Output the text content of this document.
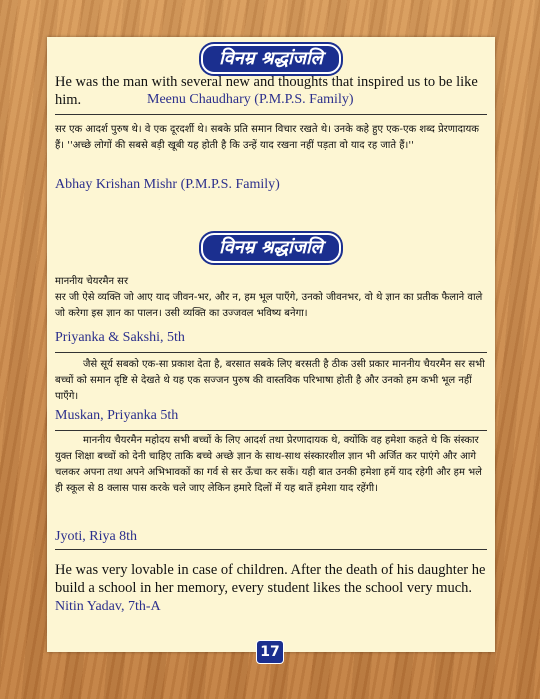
विनम्र श्रद्धांजलि
He was the man with several new and thoughts that inspired us to be like him.	Meenu Chaudhary (P.M.P.S. Family)
सर एक आदर्श पुरुष थे। वे एक दूरदर्शी थे। सबके प्रति समान विचार रखते थे। उनके कहे हुए एक-एक शब्द प्रेरणादायक हैं। ''अच्छे लोगों की सबसे बड़ी खूबी यह होती है कि उन्हें याद रखना नहीं पड़ता वो याद रह जाते हैं।''
Abhay Krishan Mishr (P.M.P.S. Family)
विनम्र श्रद्धांजलि
माननीय चेयरमैन सर
सर जी ऐसे व्यक्ति जो आए याद जीवन-भर, और न, हम भूल पाएँगे, उनको जीवनभर, वो थे ज्ञान का प्रतीक फैलाने वाले जो करेगा इस ज्ञान का पालन। उसी व्यक्ति का उज्जवल भविष्य बनेगा।
Priyanka & Sakshi, 5th
जैसे सूर्य सबको एक-सा प्रकाश देता है, बरसात सबके लिए बरसती है ठीक उसी प्रकार माननीय चैयरमैन सर सभी बच्चों को समान दृष्टि से देखते थे यह एक सज्जन पुरुष की वास्तविक परिभाषा होती है और उनको हम कभी भूल नहीं पाएँगे।
Muskan, Priyanka 5th
माननीय चैयरमैन महोदय सभी बच्चों के लिए आदर्श तथा प्रेरणादायक थे, क्योंकि वह हमेशा कहते थे कि संस्कार युक्त शिक्षा बच्चों को देनी चाहिए ताकि बच्चे अच्छे ज्ञान के साथ-साथ संस्कारशील ज्ञान भी अर्जित कर पाएंगे और आगे चलकर अपना तथा अपने अभिभावकों का गर्व से सर ऊँचा कर सकें। यही बात उनकी हमेशा हमें याद रहेगी और हम भले ही स्कूल से 8 क्लास पास करके चले जाए लेकिन हमारे दिलों में यह बातें हमेशा याद रहेंगी।
Jyoti, Riya 8th
He was very lovable in case of children. After the death of his daughter he build a school in her memory, every student likes the school very much.
Nitin Yadav, 7th-A
17
